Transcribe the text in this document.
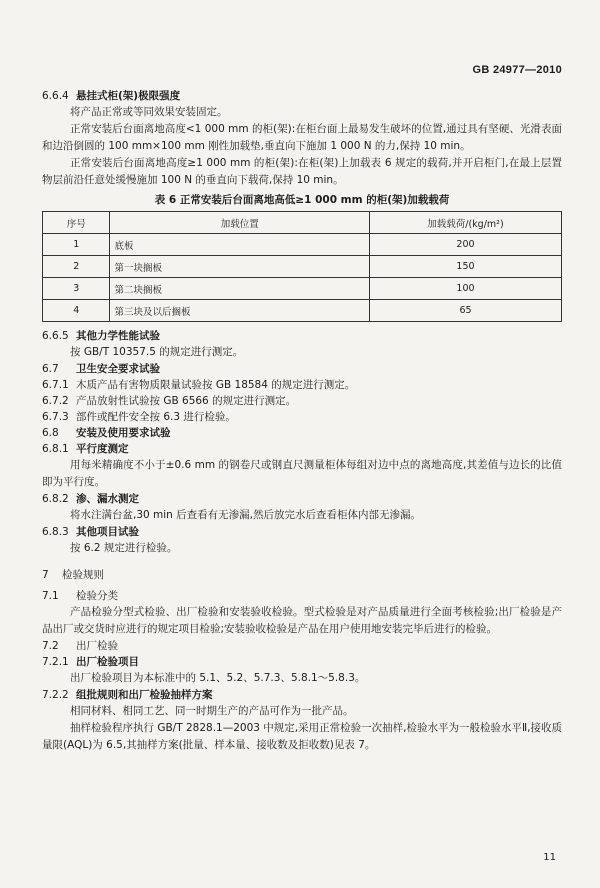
GB 24977—2010
6.6.4 悬挂式柜(架)极限强度
将产品正常或等同效果安装固定。
正常安装后台面离地高度<1 000 mm 的柜(架):在柜台面上最易发生破坏的位置,通过具有坚硬、光滑表面和边沿倒圆的 100 mm×100 mm 刚性加载垫,垂直向下施加 1 000 N 的力,保持 10 min。
正常安装后台面离地高度≥1 000 mm 的柜(架):在柜(架)上加载表 6 规定的载荷,并开启柜门,在最上层置物层前沿任意处缓慢施加 100 N 的垂直向下载荷,保持 10 min。
表 6 正常安装后台面离地高低≥1 000 mm 的柜(架)加载载荷
序号	加载位置	加载载荷/(kg/m²)
1	底板	200
2	第一块搁板	150
3	第二块搁板	100
4	第三块及以后搁板	65
6.6.5 其他力学性能试验
按 GB/T 10357.5 的规定进行测定。
6.7 卫生安全要求试验
6.7.1 木质产品有害物质限量试验按 GB 18584 的规定进行测定。
6.7.2 产品放射性试验按 GB 6566 的规定进行测定。
6.7.3 部件或配件安全按 6.3 进行检验。
6.8 安装及使用要求试验
6.8.1 平行度测定
用每米精确度不小于±0.6 mm 的钢卷尺或钢直尺测量柜体每组对边中点的离地高度,其差值与边长的比值即为平行度。
6.8.2 渗、漏水测定
将水注满台盆,30 min 后查看有无渗漏,然后放完水后查看柜体内部无渗漏。
6.8.3 其他项目试验
按 6.2 规定进行检验。
7 检验规则
7.1 检验分类
产品检验分型式检验、出厂检验和安装验收检验。型式检验是对产品质量进行全面考核检验;出厂检验是产品出厂或交货时应进行的规定项目检验;安装验收检验是产品在用户使用地安装完毕后进行的检验。
7.2 出厂检验
7.2.1 出厂检验项目
出厂检验项目为本标准中的 5.1、5.2、5.7.3、5.8.1～5.8.3。
7.2.2 组批规则和出厂检验抽样方案
相同材料、相同工艺、同一时期生产的产品可作为一批产品。
抽样检验程序执行 GB/T 2828.1—2003 中规定,采用正常检验一次抽样,检验水平为一般检验水平Ⅱ,接收质量限(AQL)为 6.5,其抽样方案(批量、样本量、接收数及拒收数)见表 7。
11
